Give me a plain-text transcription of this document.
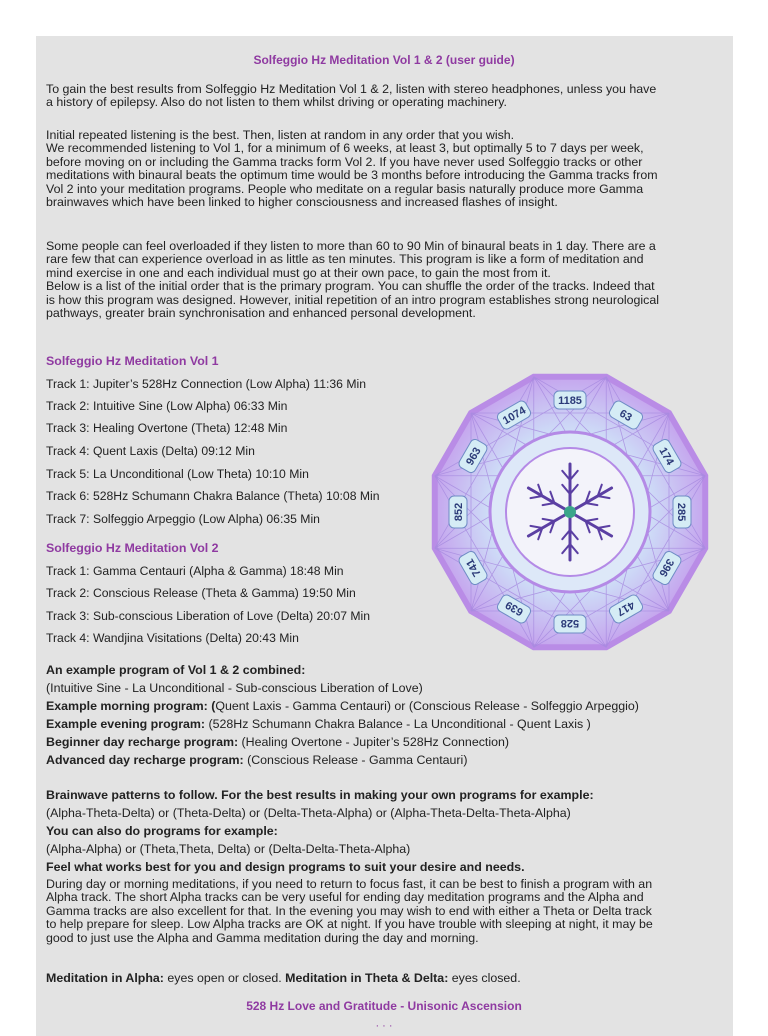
Solfeggio Hz Meditation Vol 1 & 2 (user guide)

To gain the best results from Solfeggio Hz Meditation Vol 1 & 2, listen with stereo headphones, unless you have
a history of epilepsy. Also do not listen to them whilst driving or operating machinery.

Initial repeated listening is the best. Then, listen at random in any order that you wish.
We recommended listening to Vol 1, for a minimum of 6 weeks, at least 3, but optimally 5 to 7 days per week,
before moving on or including the Gamma tracks form Vol 2. If you have never used Solfeggio tracks or other
meditations with binaural beats the optimum time would be 3 months before introducing the Gamma tracks from
Vol 2 into your meditation programs. People who meditate on a regular basis naturally produce more Gamma
brainwaves which have been linked to higher consciousness and increased flashes of insight.

Some people can feel overloaded if they listen to more than 60 to 90 Min of binaural beats in 1 day. There are a
rare few that can experience overload in as little as ten minutes. This program is like a form of meditation and
mind exercise in one and each individual must go at their own pace, to gain the most from it.
Below is a list of the initial order that is the primary program. You can shuffle the order of the tracks. Indeed that
is how this program was designed. However, initial repetition of an intro program establishes strong neurological
pathways, greater brain synchronisation and enhanced personal development.

Solfeggio Hz Meditation Vol 1
Track 1: Jupiter’s 528Hz Connection (Low Alpha) 11:36 Min
Track 2: Intuitive Sine (Low Alpha) 06:33 Min
Track 3: Healing Overtone (Theta) 12:48 Min
Track 4: Quent Laxis (Delta) 09:12 Min
Track 5: La Unconditional (Low Theta) 10:10 Min
Track 6: 528Hz Schumann Chakra Balance (Theta) 10:08 Min
Track 7: Solfeggio Arpeggio (Low Alpha) 06:35 Min
Solfeggio Hz Meditation Vol 2
Track 1: Gamma Centauri (Alpha & Gamma) 18:48 Min
Track 2: Conscious Release (Theta & Gamma) 19:50 Min
Track 3: Sub-conscious Liberation of Love (Delta) 20:07 Min
Track 4: Wandjina Visitations (Delta) 20:43 Min
An example program of Vol 1 & 2 combined:
(Intuitive Sine - La Unconditional - Sub-conscious Liberation of Love)
Example morning program: (Quent Laxis - Gamma Centauri) or (Conscious Release - Solfeggio Arpeggio)
Example evening program: (528Hz Schumann Chakra Balance - La Unconditional - Quent Laxis )
Beginner day recharge program: (Healing Overtone - Jupiter’s 528Hz Connection)
Advanced day recharge program: (Conscious Release - Gamma Centauri)
Brainwave patterns to follow. For the best results in making your own programs for example:
(Alpha-Theta-Delta) or (Theta-Delta) or (Delta-Theta-Alpha) or (Alpha-Theta-Delta-Theta-Alpha)
You can also do programs for example:
(Alpha-Alpha) or (Theta,Theta, Delta) or (Delta-Delta-Theta-Alpha)
Feel what works best for you and design programs to suit your desire and needs.

During day or morning meditations, if you need to return to focus fast, it can be best to finish a program with an
Alpha track. The short Alpha tracks can be very useful for ending day meditation programs and the Alpha and
Gamma tracks are also excellent for that. In the evening you may wish to end with either a Theta or Delta track
to help prepare for sleep. Low Alpha tracks are OK at night. If you have trouble with sleeping at night, it may be
good to just use the Alpha and Gamma meditation during the day and morning.

Meditation in Alpha: eyes open or closed. Meditation in Theta & Delta: eyes closed.
528 Hz Love and Gratitude - Unisonic Ascension
· · ·
63
174
285
396
417
528
639
741
852
963
1074
1185
